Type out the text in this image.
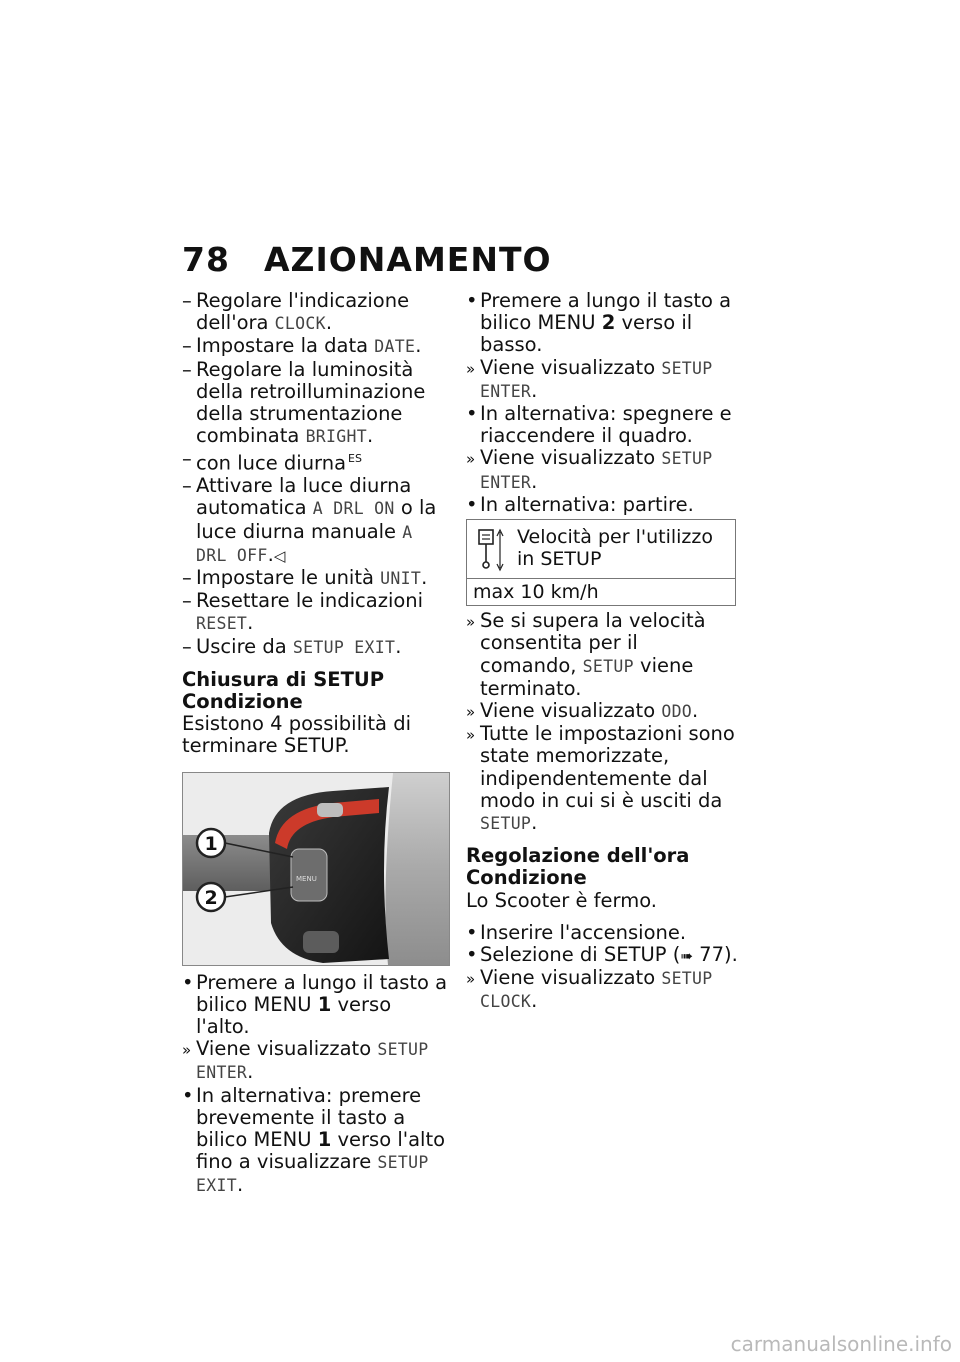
78 AZIONAMENTO
– Regolare l'indicazione dell'ora CLOCK.
– Impostare la data DATE.
– Regolare la luminosità della retroilluminazione della strumentazione combinata BRIGHT.
– con luce diurna $^{ES}$
– Attivare la luce diurna automatica A DRL ON o la luce diurna manuale A DRL OFF.◁
– Impostare le unità UNIT.
– Resettare le indicazioni RESET.
– Uscire da SETUP EXIT.

Chiusura di SETUP

Condizione

Esistono 4 possibilità di terminare SETUP.

MENU
1
2
• Premere a lungo il tasto a bilico MENU 1 verso l'alto.
» Viene visualizzato SETUP ENTER.
• In alternativa: premere brevemente il tasto a bilico MENU 1 verso l'alto fino a visualizzare SETUP EXIT.
• Premere a lungo il tasto a bilico MENU 2 verso il basso.
» Viene visualizzato SETUP ENTER.
• In alternativa: spegnere e riaccendere il quadro.
» Viene visualizzato SETUP ENTER.
• In alternativa: partire.
Velocità per l'utilizzo in SETUP

max 10 km/h
» Se si supera la velocità consentita per il comando, SETUP viene terminato.
» Viene visualizzato ODO.
» Tutte le impostazioni sono state memorizzate, indipendentemente dal modo in cui si è usciti da SETUP.

Regolazione dell'ora

Condizione

Lo Scooter è fermo.

• Inserire l'accensione.
• Selezione di SETUP (➠ 77).
» Viene visualizzato SETUP CLOCK.
carmanualsonline.info
